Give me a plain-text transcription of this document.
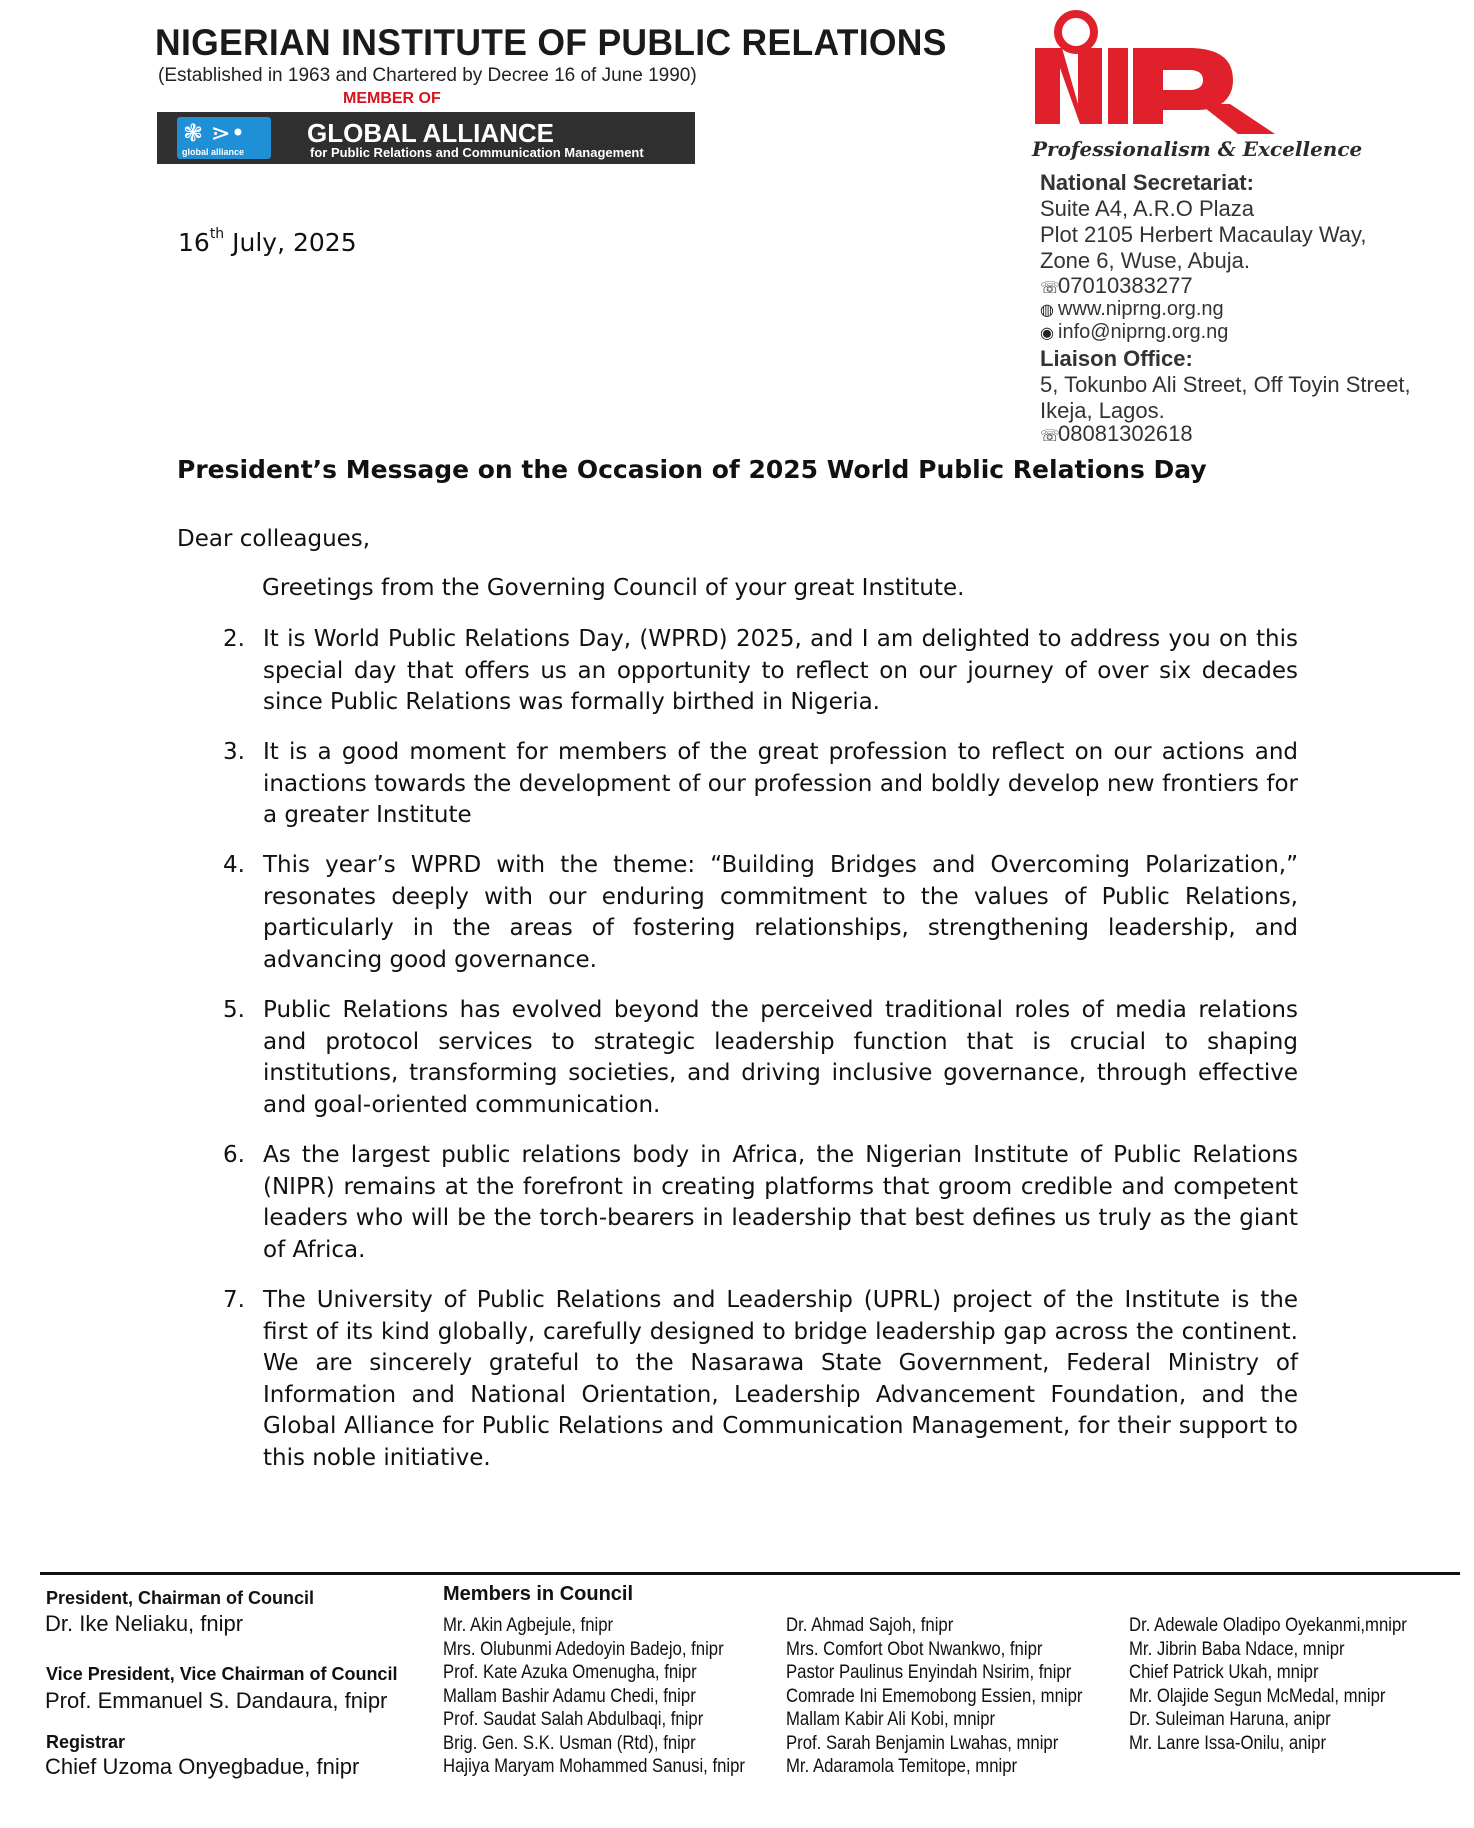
NIGERIAN INSTITUTE OF PUBLIC RELATIONS
(Established in 1963 and Chartered by Decree 16 of June 1990)
MEMBER OF
❃ ⋗•
global alliance
GLOBAL ALLIANCE
for Public Relations and Communication Management	Professionalism & Excellence
National Secretariat:
Suite A4, A.R.O Plaza
Plot 2105 Herbert Macaulay Way,
Zone 6, Wuse, Abuja.
☏07010383277
◍ www.niprng.org.ng
◉ info@niprng.org.ng
Liaison Office:
5, Tokunbo Ali Street, Off Toyin Street,
Ikeja, Lagos.
☏08081302618
16th July, 2025
President’s Message on the Occasion of 2025 World Public Relations Day
Dear colleagues,
Greetings from the Governing Council of your great Institute.
2. It is World Public Relations Day, (WPRD) 2025, and I am delighted to address you on this special day that offers us an opportunity to reflect on our journey of over six decades since Public Relations was formally birthed in Nigeria.
3. It is a good moment for members of the great profession to reflect on our actions and inactions towards the development of our profession and boldly develop new frontiers for a greater Institute
4. This year’s WPRD with the theme: “Building Bridges and Overcoming Polarization,” resonates deeply with our enduring commitment to the values of Public Relations, particularly in the areas of fostering relationships, strengthening leadership, and advancing good governance.
5. Public Relations has evolved beyond the perceived traditional roles of media relations and protocol services to strategic leadership function that is crucial to shaping institutions, transforming societies, and driving inclusive governance, through effective and goal-oriented communication.
6. As the largest public relations body in Africa, the Nigerian Institute of Public Relations (NIPR) remains at the forefront in creating platforms that groom credible and competent leaders who will be the torch-bearers in leadership that best defines us truly as the giant of Africa.
7. The University of Public Relations and Leadership (UPRL) project of the Institute is the first of its kind globally, carefully designed to bridge leadership gap across the continent. We are sincerely grateful to the Nasarawa State Government, Federal Ministry of Information and National Orientation, Leadership Advancement Foundation, and the Global Alliance for Public Relations and Communication Management, for their support to this noble initiative.
President, Chairman of Council
Dr. Ike Neliaku, fnipr
Vice President, Vice Chairman of Council
Prof. Emmanuel S. Dandaura, fnipr
Registrar
Chief Uzoma Onyegbadue, fnipr
Members in Council
Mr. Akin Agbejule, fnipr
Mrs. Olubunmi Adedoyin Badejo, fnipr
Prof. Kate Azuka Omenugha, fnipr
Mallam Bashir Adamu Chedi, fnipr
Prof. Saudat Salah Abdulbaqi, fnipr
Brig. Gen. S.K. Usman (Rtd), fnipr
Hajiya Maryam Mohammed Sanusi, fnipr
Dr. Ahmad Sajoh, fnipr
Mrs. Comfort Obot Nwankwo, fnipr
Pastor Paulinus Enyindah Nsirim, fnipr
Comrade Ini Ememobong Essien, mnipr
Mallam Kabir Ali Kobi, mnipr
Prof. Sarah Benjamin Lwahas, mnipr
Mr. Adaramola Temitope, mnipr
Dr. Adewale Oladipo Oyekanmi,mnipr
Mr. Jibrin Baba Ndace, mnipr
Chief Patrick Ukah, mnipr
Mr. Olajide Segun McMedal, mnipr
Dr. Suleiman Haruna, anipr
Mr. Lanre Issa-Onilu, anipr
